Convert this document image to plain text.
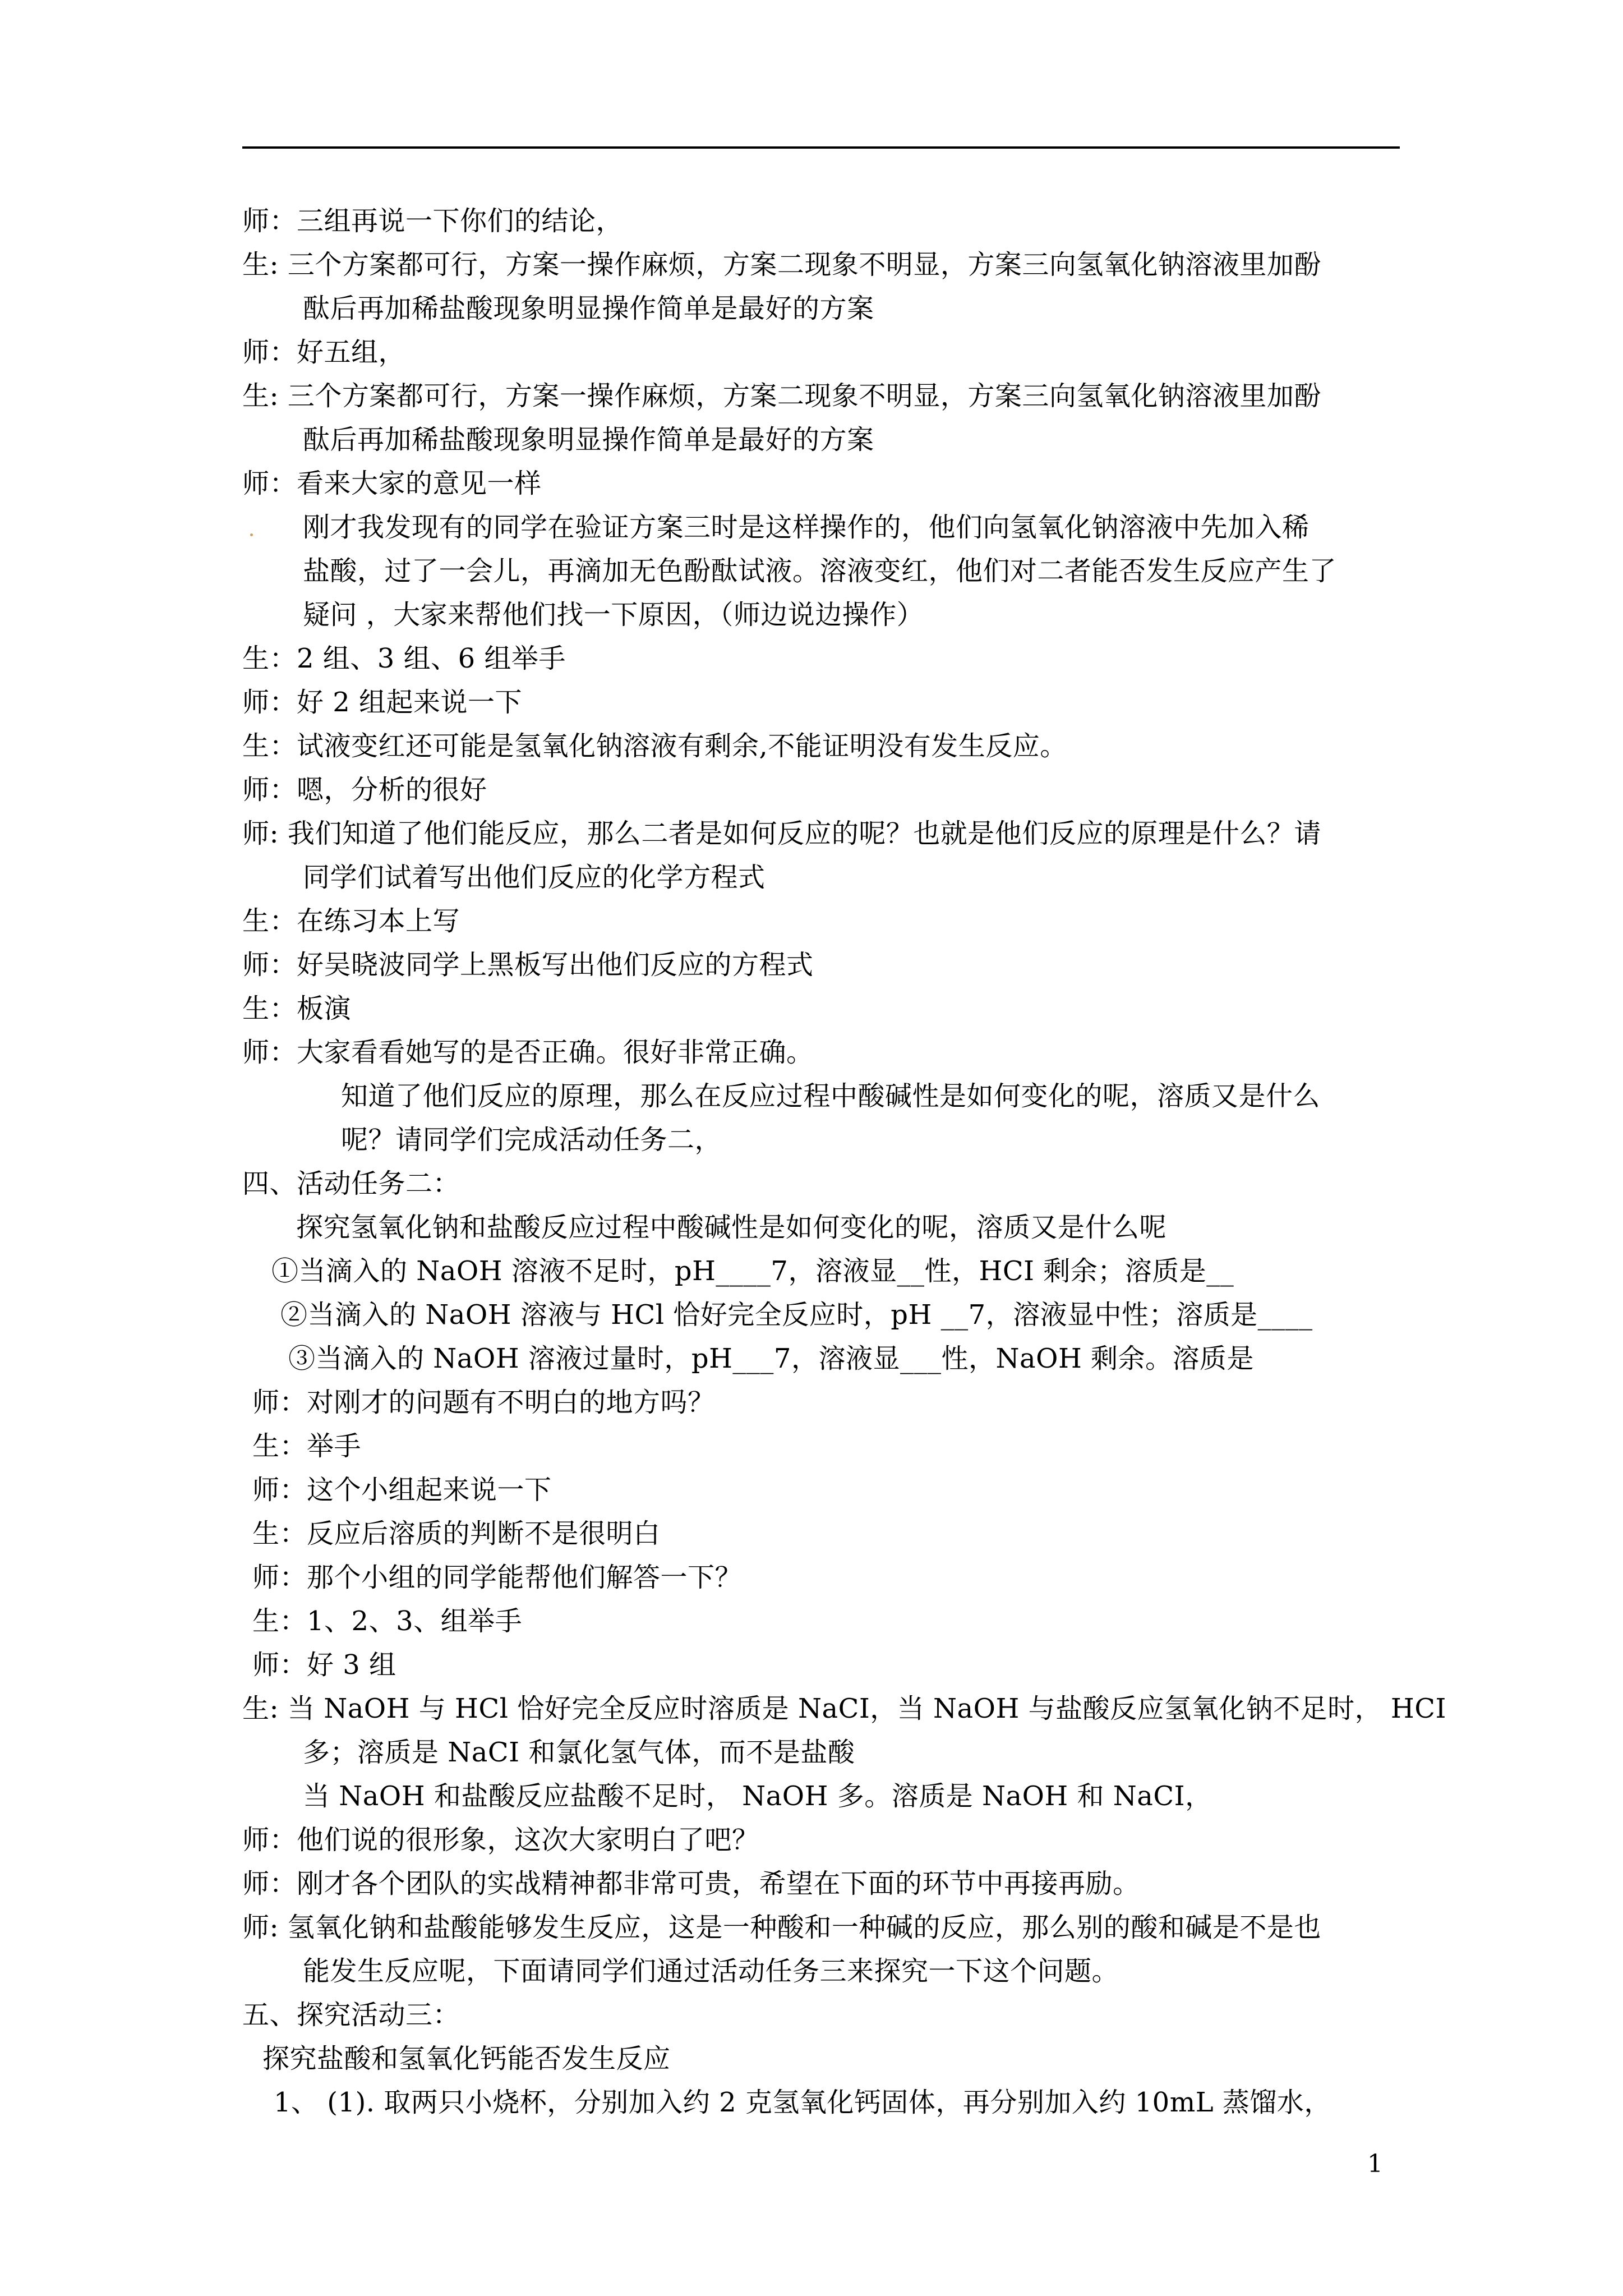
师：三组再说一下你们的结论，
生: 三个方案都可行，方案一操作麻烦，方案二现象不明显，方案三向氢氧化钠溶液里加酚
酞后再加稀盐酸现象明显操作简单是最好的方案
师：好五组，
生: 三个方案都可行，方案一操作麻烦，方案二现象不明显，方案三向氢氧化钠溶液里加酚
酞后再加稀盐酸现象明显操作简单是最好的方案
师：看来大家的意见一样
刚才我发现有的同学在验证方案三时是这样操作的，他们向氢氧化钠溶液中先加入稀
盐酸，过了一会儿，再滴加无色酚酞试液。溶液变红，他们对二者能否发生反应产生了
疑问 ，大家来帮他们找一下原因，（师边说边操作）
生：2 组、3 组、6 组举手
师：好 2 组起来说一下
生：试液变红还可能是氢氧化钠溶液有剩余,不能证明没有发生反应。
师：嗯，分析的很好
师: 我们知道了他们能反应，那么二者是如何反应的呢？也就是他们反应的原理是什么？请
同学们试着写出他们反应的化学方程式
生：在练习本上写
师：好吴晓波同学上黑板写出他们反应的方程式
生：板演
师：大家看看她写的是否正确。很好非常正确。
知道了他们反应的原理，那么在反应过程中酸碱性是如何变化的呢，溶质又是什么
呢？请同学们完成活动任务二，
四、活动任务二：
探究氢氧化钠和盐酸反应过程中酸碱性是如何变化的呢，溶质又是什么呢
①当滴入的 NaOH 溶液不足时，pH____7，溶液显__性，HCI 剩余；溶质是__
②当滴入的 NaOH 溶液与 HCl 恰好完全反应时，pH __7，溶液显中性；溶质是____
③当滴入的 NaOH 溶液过量时，pH___7，溶液显___性，NaOH 剩余。溶质是
师：对刚才的问题有不明白的地方吗？
生：举手
师：这个小组起来说一下
生：反应后溶质的判断不是很明白
师：那个小组的同学能帮他们解答一下？
生：1、2、3、组举手
师：好 3 组
生: 当 NaOH 与 HCl 恰好完全反应时溶质是 NaCI，当 NaOH 与盐酸反应氢氧化钠不足时， HCI
多；溶质是 NaCI 和氯化氢气体，而不是盐酸
当 NaOH 和盐酸反应盐酸不足时， NaOH 多。溶质是 NaOH 和 NaCI，
师：他们说的很形象，这次大家明白了吧？
师：刚才各个团队的实战精神都非常可贵，希望在下面的环节中再接再励。
师: 氢氧化钠和盐酸能够发生反应，这是一种酸和一种碱的反应，那么别的酸和碱是不是也
能发生反应呢，下面请同学们通过活动任务三来探究一下这个问题。
五、探究活动三：
探究盐酸和氢氧化钙能否发生反应
1、 (1). 取两只小烧杯，分别加入约 2 克氢氧化钙固体，再分别加入约 10mL 蒸馏水，
1
